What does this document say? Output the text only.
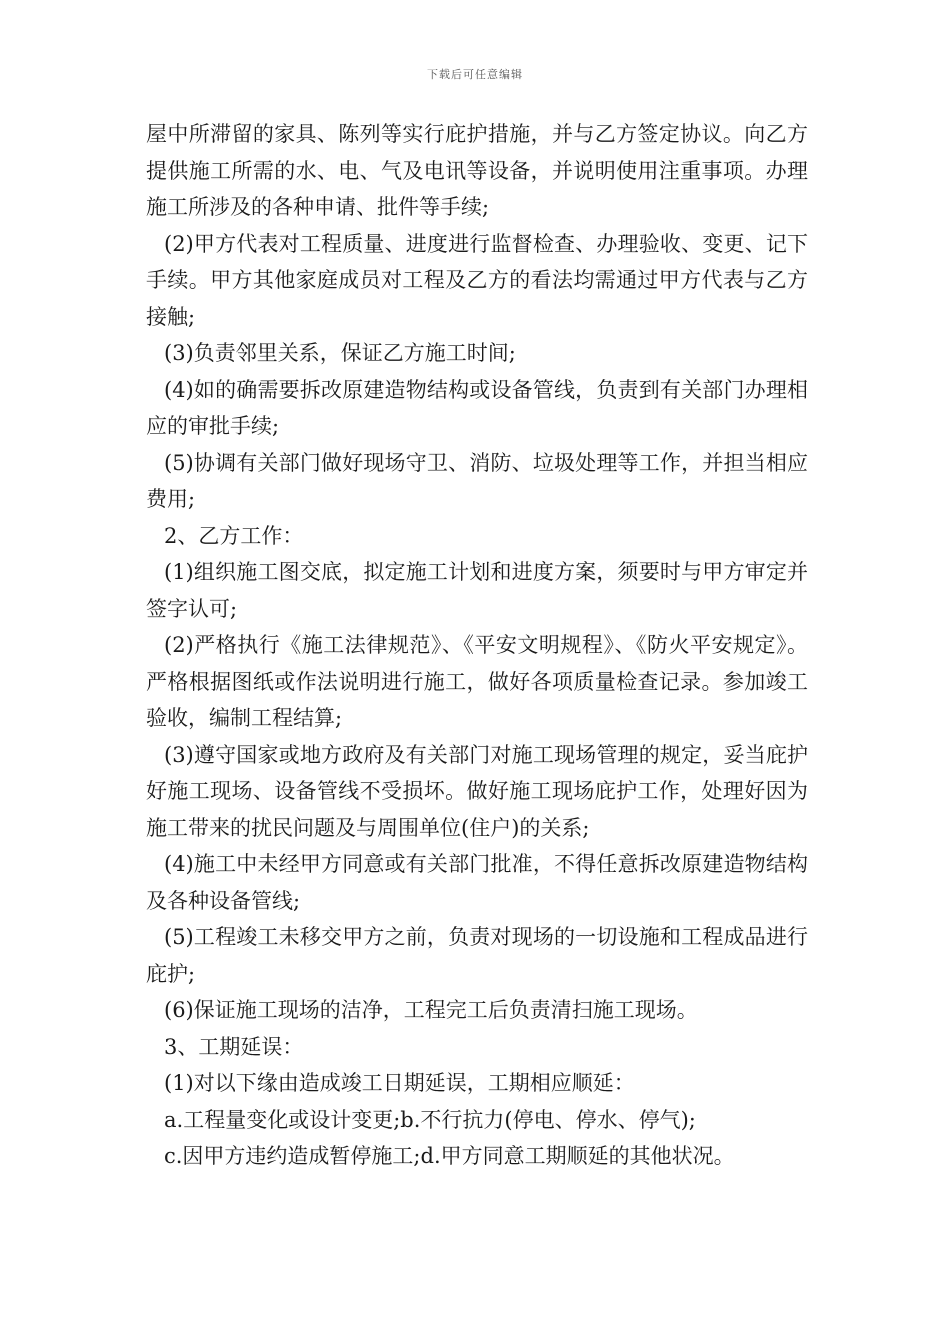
下载后可任意编辑

屋中所滞留的家具、陈列等实行庇护措施，并与乙方签定协议。向乙方提供施工所需的水、电、气及电讯等设备，并说明使用注重事项。办理施工所涉及的各种申请、批件等手续;

(2)甲方代表对工程质量、进度进行监督检查、办理验收、变更、记下手续。甲方其他家庭成员对工程及乙方的看法均需通过甲方代表与乙方接触;

(3)负责邻里关系，保证乙方施工时间;

(4)如的确需要拆改原建造物结构或设备管线，负责到有关部门办理相应的审批手续;

(5)协调有关部门做好现场守卫、消防、垃圾处理等工作，并担当相应费用;

2、乙方工作：

(1)组织施工图交底，拟定施工计划和进度方案，须要时与甲方审定并签字认可;

(2)严格执行《施工法律规范》、《平安文明规程》、《防火平安规定》。严格根据图纸或作法说明进行施工，做好各项质量检查记录。参加竣工验收，编制工程结算;

(3)遵守国家或地方政府及有关部门对施工现场管理的规定，妥当庇护好施工现场、设备管线不受损坏。做好施工现场庇护工作，处理好因为施工带来的扰民问题及与周围单位(住户)的关系;

(4)施工中未经甲方同意或有关部门批准，不得任意拆改原建造物结构及各种设备管线;

(5)工程竣工未移交甲方之前，负责对现场的一切设施和工程成品进行庇护;

(6)保证施工现场的洁净，工程完工后负责清扫施工现场。

3、工期延误：

(1)对以下缘由造成竣工日期延误，工期相应顺延：

a.工程量变化或设计变更;b.不行抗力(停电、停水、停气);

c.因甲方违约造成暂停施工;d.甲方同意工期顺延的其他状况。
